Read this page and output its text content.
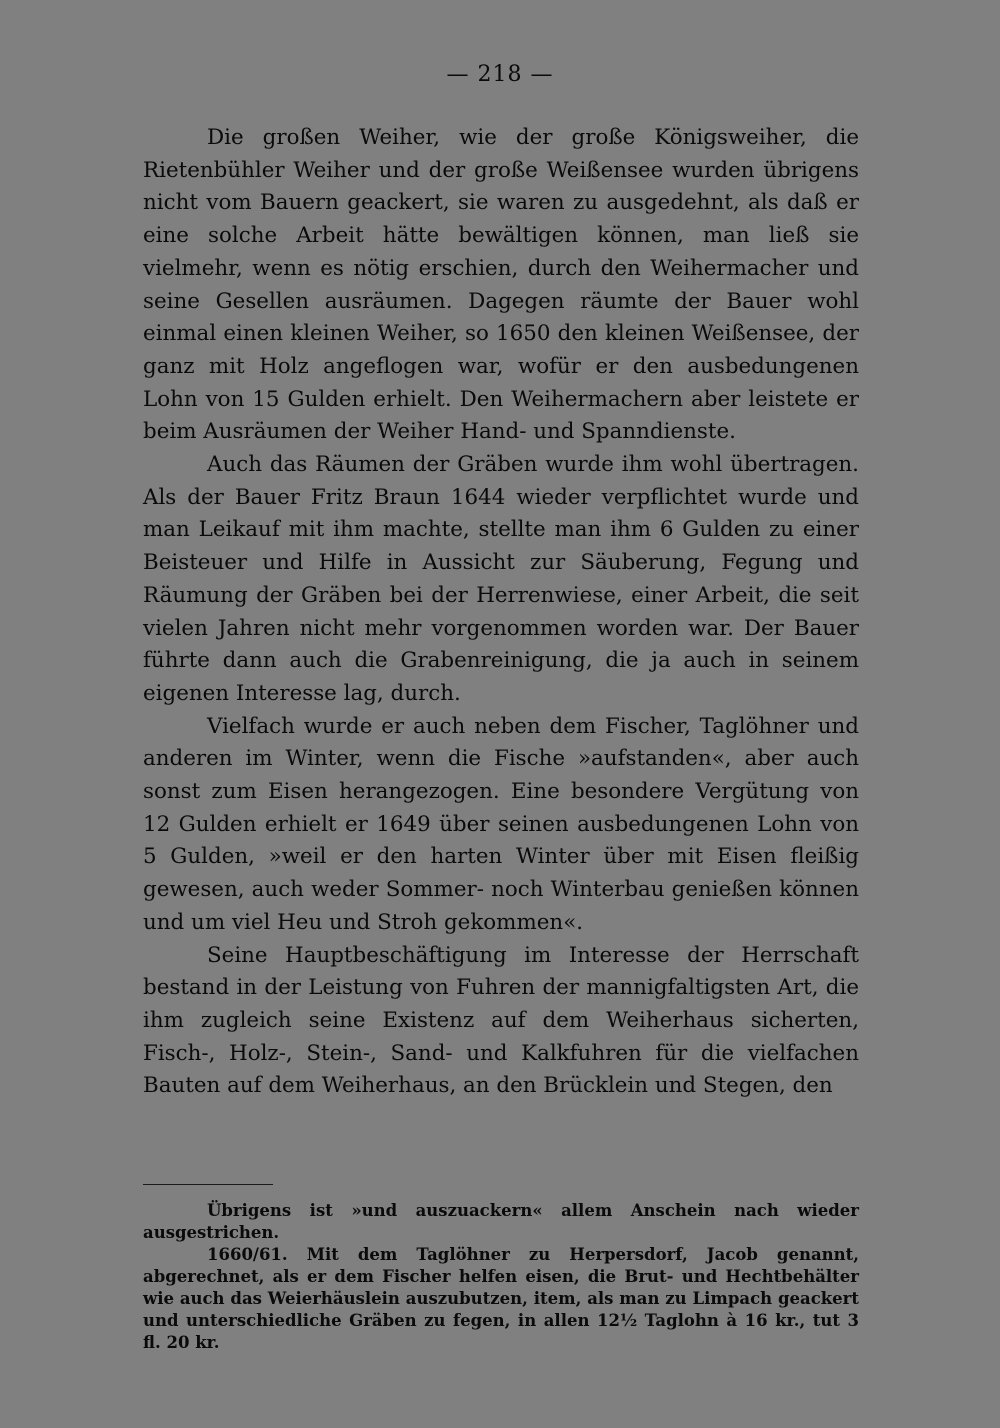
— 218 —

Die großen Weiher, wie der große Königsweiher, die Rietenbühler Weiher und der große Weißensee wurden übrigens nicht vom Bauern geackert, sie waren zu ausgedehnt, als daß er eine solche Arbeit hätte bewältigen können, man ließ sie vielmehr, wenn es nötig erschien, durch den Weihermacher und seine Gesellen ausräumen. Dagegen räumte der Bauer wohl einmal einen kleinen Weiher, so 1650 den kleinen Weißensee, der ganz mit Holz angeflogen war, wofür er den ausbedungenen Lohn von 15 Gulden erhielt. Den Weihermachern aber leistete er beim Ausräumen der Weiher Hand- und Spanndienste.

Auch das Räumen der Gräben wurde ihm wohl übertragen. Als der Bauer Fritz Braun 1644 wieder verpflichtet wurde und man Leikauf mit ihm machte, stellte man ihm 6 Gulden zu einer Beisteuer und Hilfe in Aussicht zur Säuberung, Fegung und Räumung der Gräben bei der Herrenwiese, einer Arbeit, die seit vielen Jahren nicht mehr vorgenommen worden war. Der Bauer führte dann auch die Grabenreinigung, die ja auch in seinem eigenen Interesse lag, durch.

Vielfach wurde er auch neben dem Fischer, Taglöhner und anderen im Winter, wenn die Fische »aufstanden«, aber auch sonst zum Eisen herangezogen. Eine besondere Vergütung von 12 Gulden erhielt er 1649 über seinen ausbedungenen Lohn von 5 Gulden, »weil er den harten Winter über mit Eisen fleißig gewesen, auch weder Sommer- noch Winterbau genießen können und um viel Heu und Stroh gekommen«.

Seine Hauptbeschäftigung im Interesse der Herrschaft bestand in der Leistung von Fuhren der mannigfaltigsten Art, die ihm zugleich seine Existenz auf dem Weiherhaus sicherten, Fisch-, Holz-, Stein-, Sand- und Kalkfuhren für die vielfachen Bauten auf dem Weiherhaus, an den Brücklein und Stegen, den

Übrigens ist »und auszuackern« allem Anschein nach wieder ausgestrichen.

1660/61. Mit dem Taglöhner zu Herpersdorf, Jacob genannt, abgerechnet, als er dem Fischer helfen eisen, die Brut- und Hechtbehälter wie auch das Weierhäuslein auszubutzen, item, als man zu Limpach geackert und unterschiedliche Gräben zu fegen, in allen 12½ Taglohn à 16 kr., tut 3 fl. 20 kr.
